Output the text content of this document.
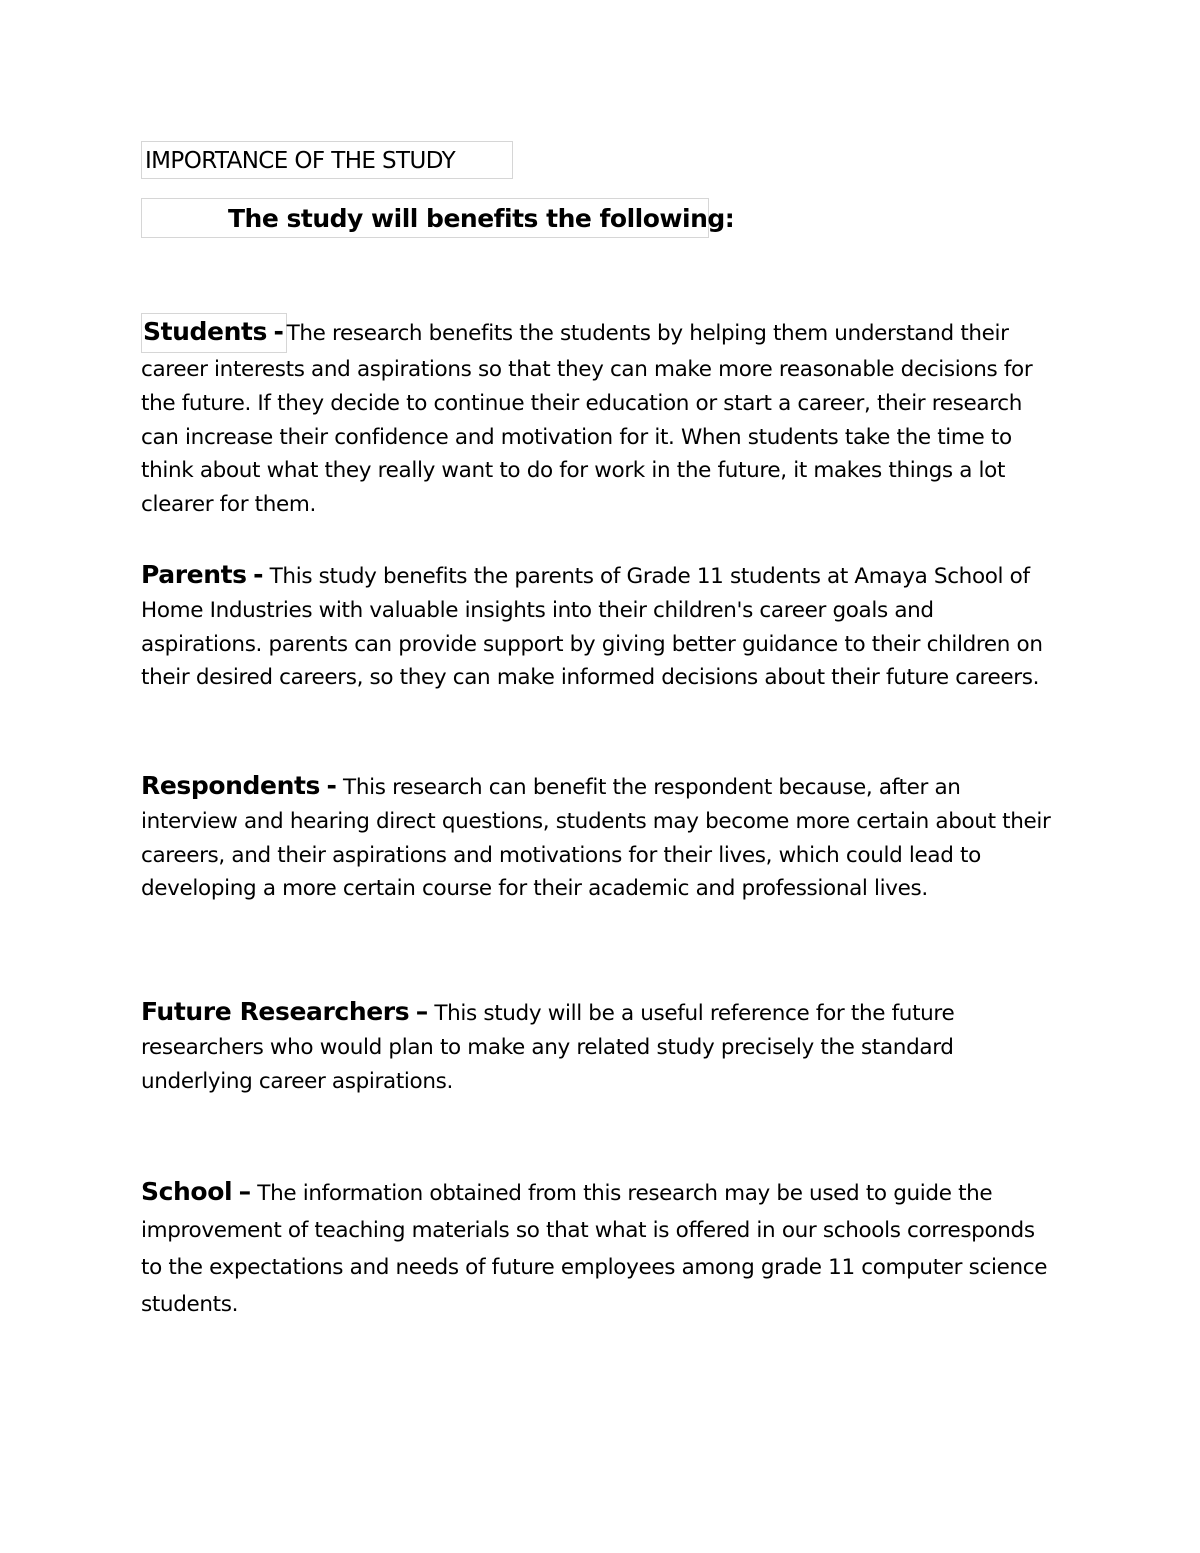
IMPORTANCE OF THE STUDY
The study will benefits the following:

Students - The research benefits the students by helping them understand their career interests and aspirations so that they can make more reasonable decisions for the future. If they decide to continue their education or start a career, their research can increase their confidence and motivation for it. When students take the time to think about what they really want to do for work in the future, it makes things a lot clearer for them.

Parents - This study benefits the parents of Grade 11 students at Amaya School of Home Industries with valuable insights into their children's career goals and aspirations. parents can provide support by giving better guidance to their children on their desired careers, so they can make informed decisions about their future careers.

Respondents - This research can benefit the respondent because, after an interview and hearing direct questions, students may become more certain about their careers, and their aspirations and motivations for their lives, which could lead to developing a more certain course for their academic and professional lives.

Future Researchers – This study will be a useful reference for the future researchers who would plan to make any related study precisely the standard underlying career aspirations.

School – The information obtained from this research may be used to guide the improvement of teaching materials so that what is offered in our schools corresponds to the expectations and needs of future employees among grade 11 computer science students.
